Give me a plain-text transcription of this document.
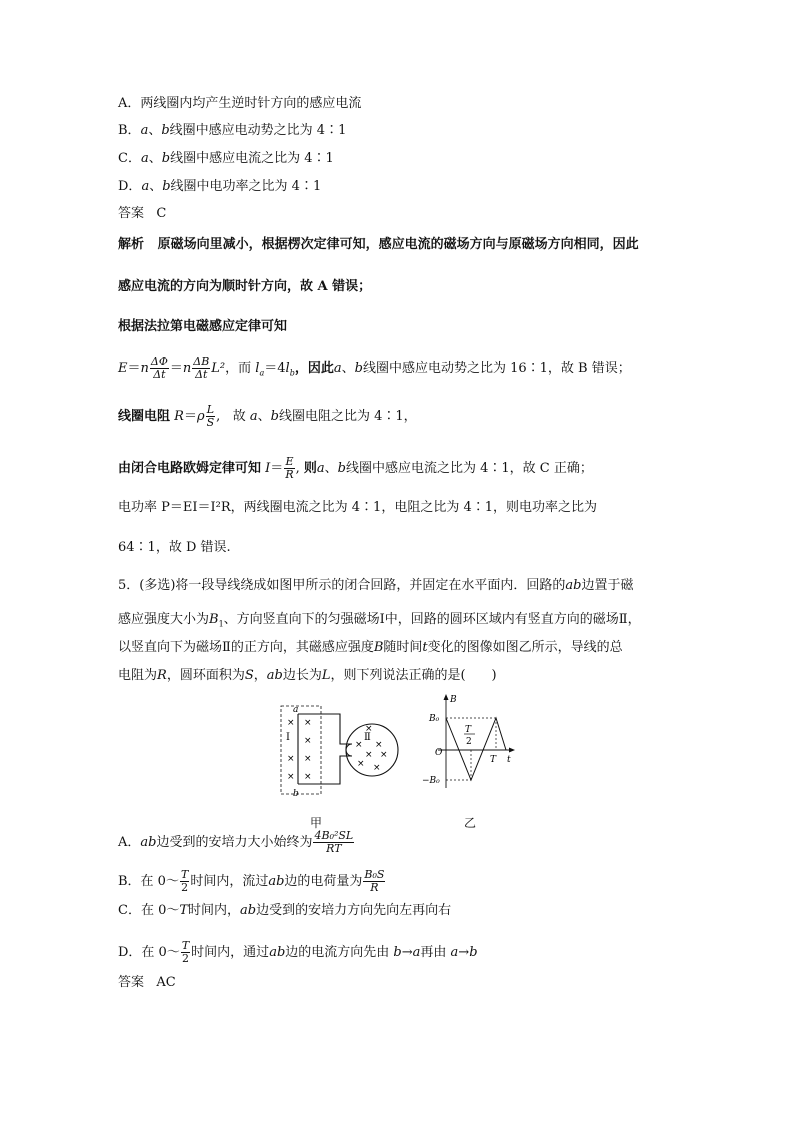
A．两线圈内均产生逆时针方向的感应电流
B．a、b线圈中感应电动势之比为 4∶1
C．a、b线圈中感应电流之比为 4∶1
D．a、b线圈中电功率之比为 4∶1
答案 C
解析 原磁场向里减小，根据楞次定律可知，感应电流的磁场方向与原磁场方向相同，因此
感应电流的方向为顺时针方向，故 A 错误；
根据法拉第电磁感应定律可知
$E=n \frac{\Delta\Phi}{\Delta t} =n \frac{\Delta B}{\Delta t} L^2$，而 $l_a=4l_b$，因此a、b线圈中感应电动势之比为 16∶1，故 B 错误；
线圈电阻 $R=\rho \frac{L}{S}$ ,   故 a、b线圈电阻之比为 4∶1，
由闭合电路欧姆定律可知 $I= \frac{E}{R}$ , 则a、b线圈中感应电流之比为 4∶1，故 C 正确；
电功率 P＝EI＝I²R，两线圈电流之比为 4∶1，电阻之比为 4∶1，则电功率之比为
64∶1，故 D 错误.
5．(多选)将一段导线绕成如图甲所示的闭合回路，并固定在水平面内．回路的ab边置于磁
感应强度大小为$B_1$、方向竖直向下的匀强磁场Ⅰ中，回路的圆环区域内有竖直方向的磁场Ⅱ，
以竖直向下为磁场Ⅱ的正方向，其磁感应强度B随时间t变化的图像如图乙所示，导线的总
电阻为R，圆环面积为S，ab边长为L，则下列说法正确的是(　　)
a
b
Ⅰ	Ⅱ
× ×
×
× ×
× ×
×
× ×
× ×
× ×
甲
B
B₀
−B₀
O
T
2
T t
乙
A．ab边受到的安培力大小始终为 $\frac{\text{4B₀²SL}}{RT}$
B．在 0～ $\frac{T}{2}$ 时间内，流过ab边的电荷量为 $\frac{\text{B₀S}}{R}$
C．在 0～T时间内，ab边受到的安培力方向先向左再向右
D．在 0～ $\frac{T}{2}$ 时间内，通过ab边的电流方向先由 b→a再由 a→b
答案 AC
